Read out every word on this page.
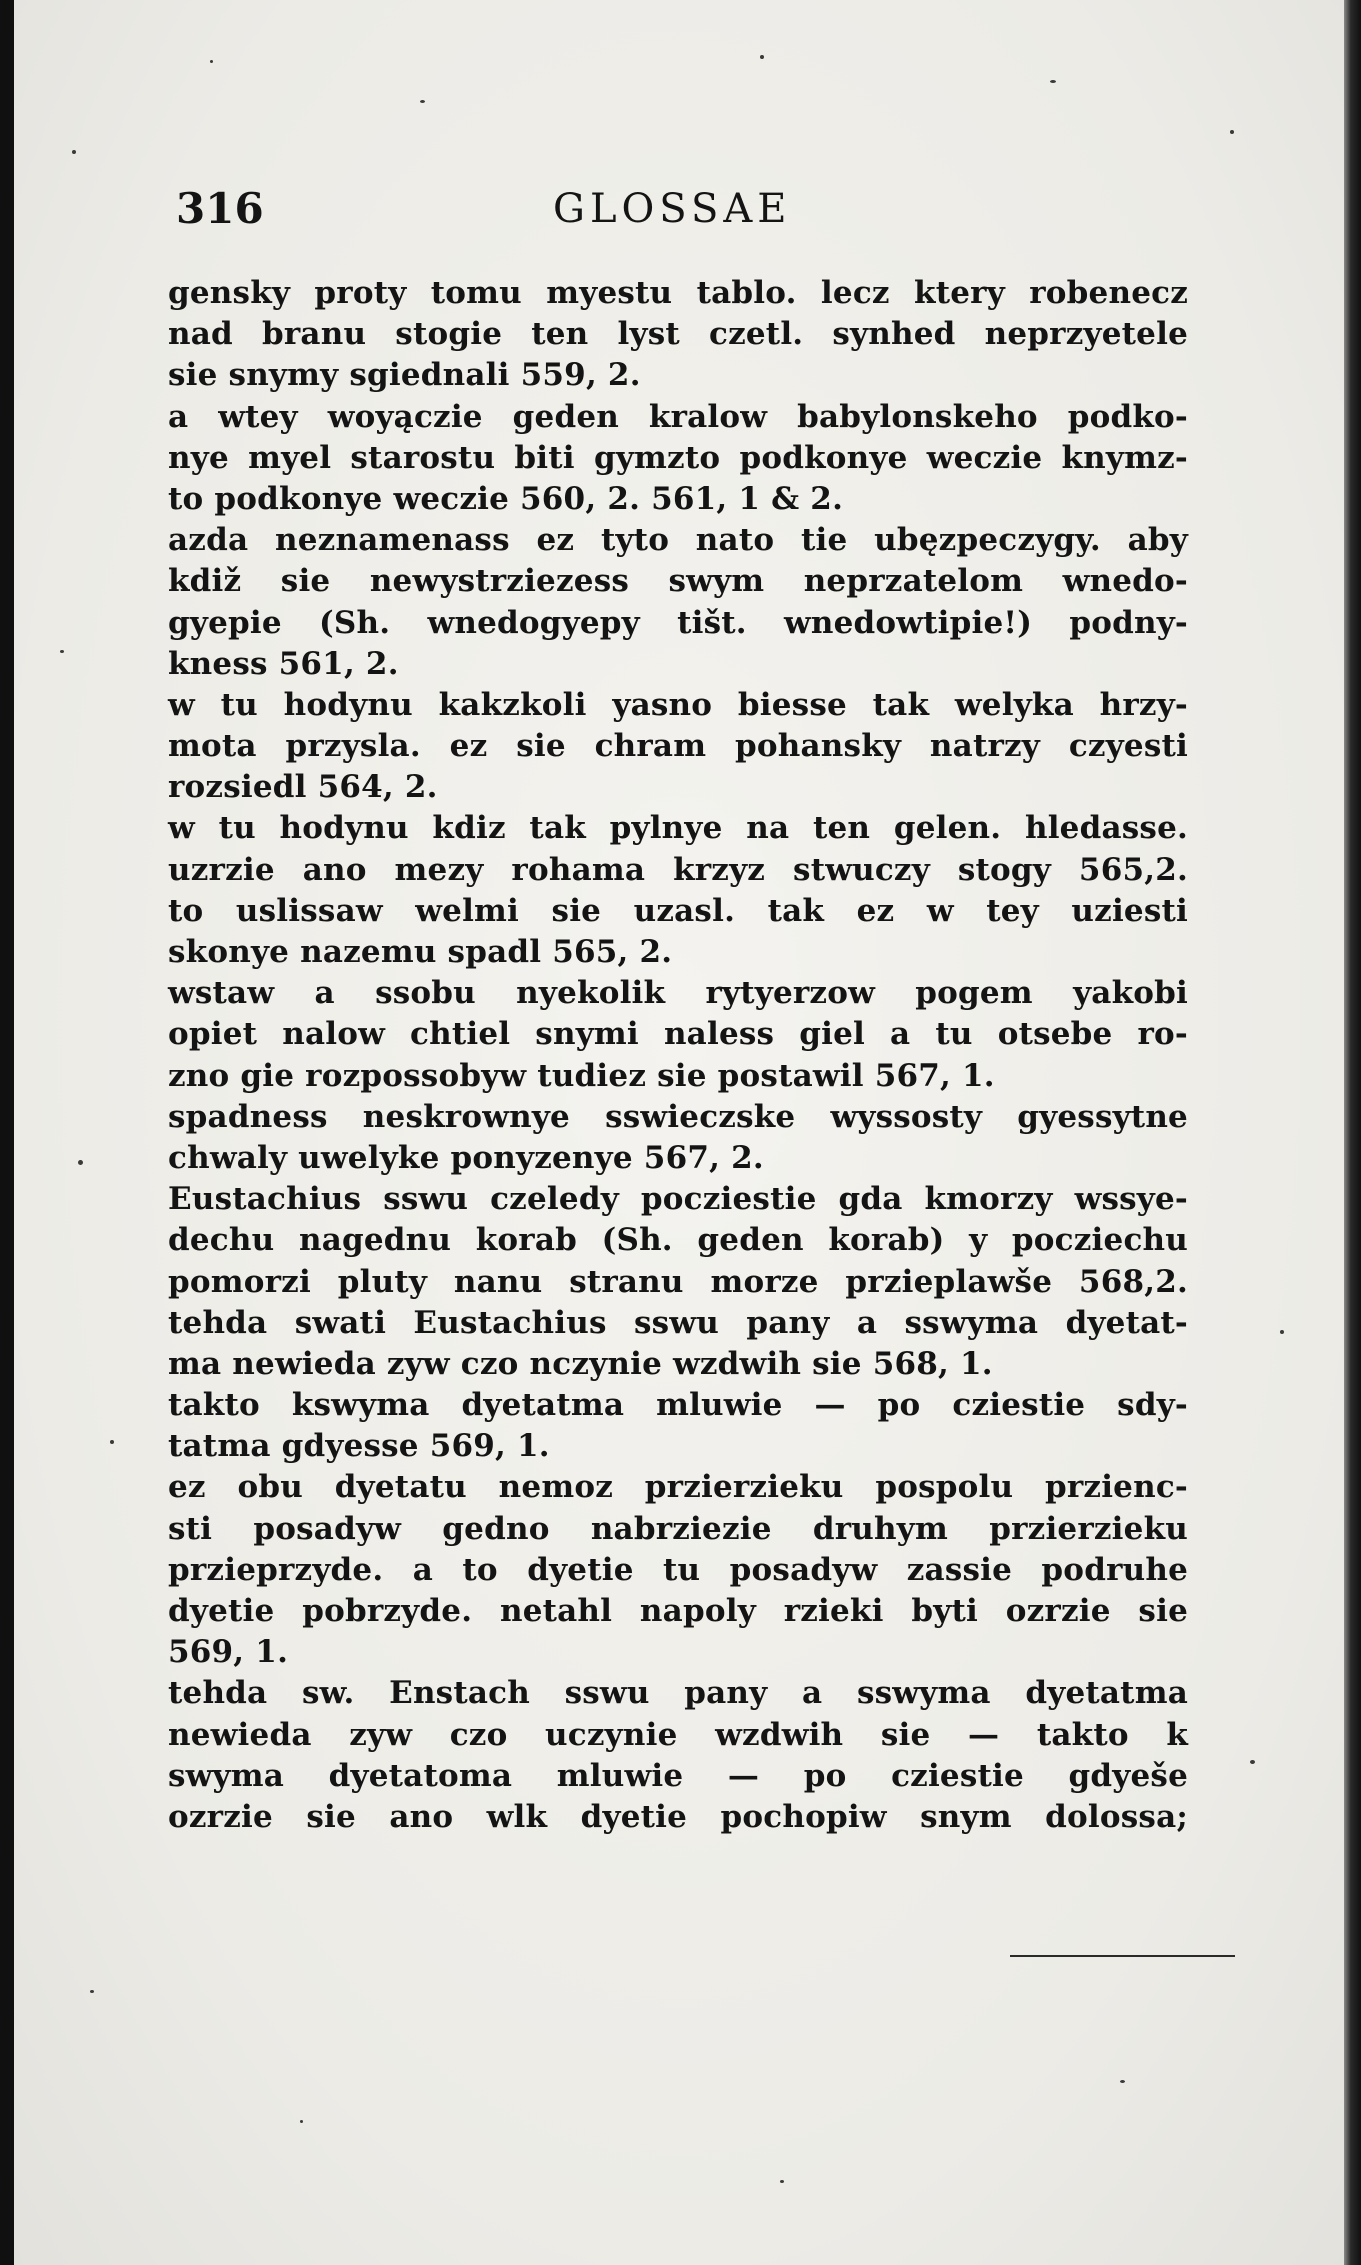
316	GLOSSAE
gensky proty tomu myestu tablo. lecz ktery robenecz
nad branu stogie ten lyst czetl. synhed neprzyetele
sie snymy sgiednali 559, 2.
a wtey woyączie geden kralow babylonskeho podko-
nye myel starostu biti gymzto podkonye weczie knymz-
to podkonye weczie 560, 2. 561, 1 & 2.
azda neznamenass ez tyto nato tie ubęzpeczygy. aby
kdiž sie newystrziezess swym neprzatelom wnedo-
gyepie (Sh. wnedogyepy tišt. wnedowtipie!) podny-
kness 561, 2.
w tu hodynu kakzkoli yasno biesse tak welyka hrzy-
mota przysla. ez sie chram pohansky natrzy czyesti
rozsiedl 564, 2.
w tu hodynu kdiz tak pylnye na ten gelen. hledasse.
uzrzie ano mezy rohama krzyz stwuczy stogy 565,2.
to uslissaw welmi sie uzasl. tak ez w tey uziesti
skonye nazemu spadl 565, 2.
wstaw a ssobu nyekolik rytyerzow pogem yakobi
opiet nalow chtiel snymi naless giel a tu otsebe ro-
zno gie rozpossobyw tudiez sie postawil 567, 1.
spadness neskrownye sswieczske wyssosty gyessytne
chwaly uwelyke ponyzenye 567, 2.
Eustachius sswu czeledy pocziestie gda kmorzy wssye-
dechu nagednu korab (Sh. geden korab) y pocziechu
pomorzi pluty nanu stranu morze przieplawše 568,2.
tehda swati Eustachius sswu pany a sswyma dyetat-
ma newieda zyw czo nczynie wzdwih sie 568, 1.
takto kswyma dyetatma mluwie — po cziestie sdy-
tatma gdyesse 569, 1.
ez obu dyetatu nemoz przierzieku pospolu przienc-
sti posadyw gedno nabrziezie druhym przierzieku
przieprzyde. a to dyetie tu posadyw zassie podruhe
dyetie pobrzyde. netahl napoly rzieki byti ozrzie sie
569, 1.
tehda sw. Enstach sswu pany a sswyma dyetatma
newieda zyw czo uczynie wzdwih sie — takto k
swyma dyetatoma mluwie — po cziestie gdyeše
ozrzie sie ano wlk dyetie pochopiw snym dolossa;
